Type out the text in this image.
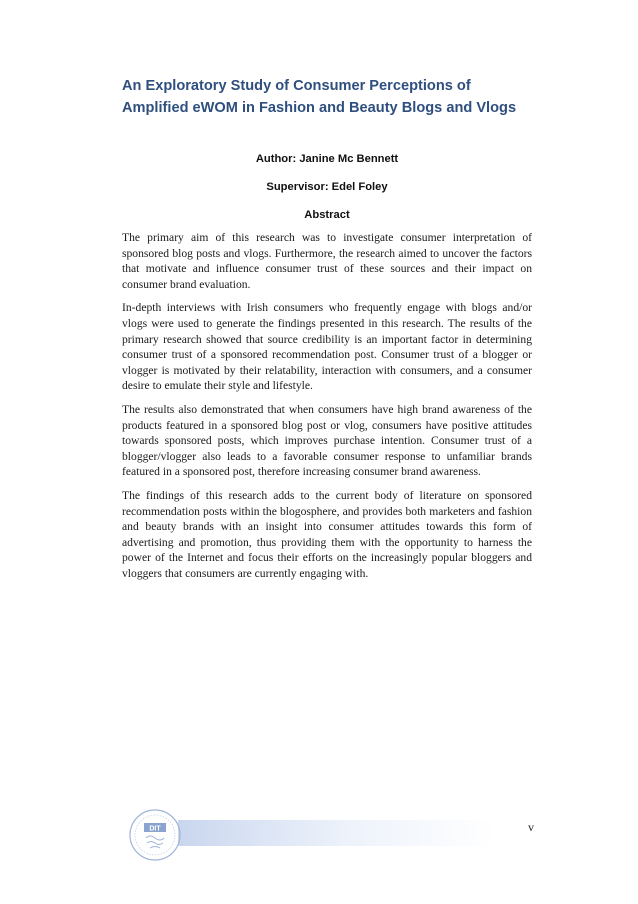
An Exploratory Study of Consumer Perceptions of
Amplified eWOM in Fashion and Beauty Blogs and Vlogs
Author: Janine Mc Bennett
Supervisor: Edel Foley
Abstract

The primary aim of this research was to investigate consumer interpretation of sponsored blog posts and vlogs. Furthermore, the research aimed to uncover the factors that motivate and influence consumer trust of these sources and their impact on consumer brand evaluation.

In-depth interviews with Irish consumers who frequently engage with blogs and/or vlogs were used to generate the findings presented in this research. The results of the primary research showed that source credibility is an important factor in determining consumer trust of a sponsored recommendation post. Consumer trust of a blogger or vlogger is motivated by their relatability, interaction with consumers, and a consumer desire to emulate their style and lifestyle.

The results also demonstrated that when consumers have high brand awareness of the products featured in a sponsored blog post or vlog, consumers have positive attitudes towards sponsored posts, which improves purchase intention. Consumer trust of a blogger/vlogger also leads to a favorable consumer response to unfamiliar brands featured in a sponsored post, therefore increasing consumer brand awareness.

The findings of this research adds to the current body of literature on sponsored recommendation posts within the blogosphere, and provides both marketers and fashion and beauty brands with an insight into consumer attitudes towards this form of advertising and promotion, thus providing them with the opportunity to harness the power of the Internet and focus their efforts on the increasingly popular bloggers and vloggers that consumers are currently engaging with.

DIT	v
